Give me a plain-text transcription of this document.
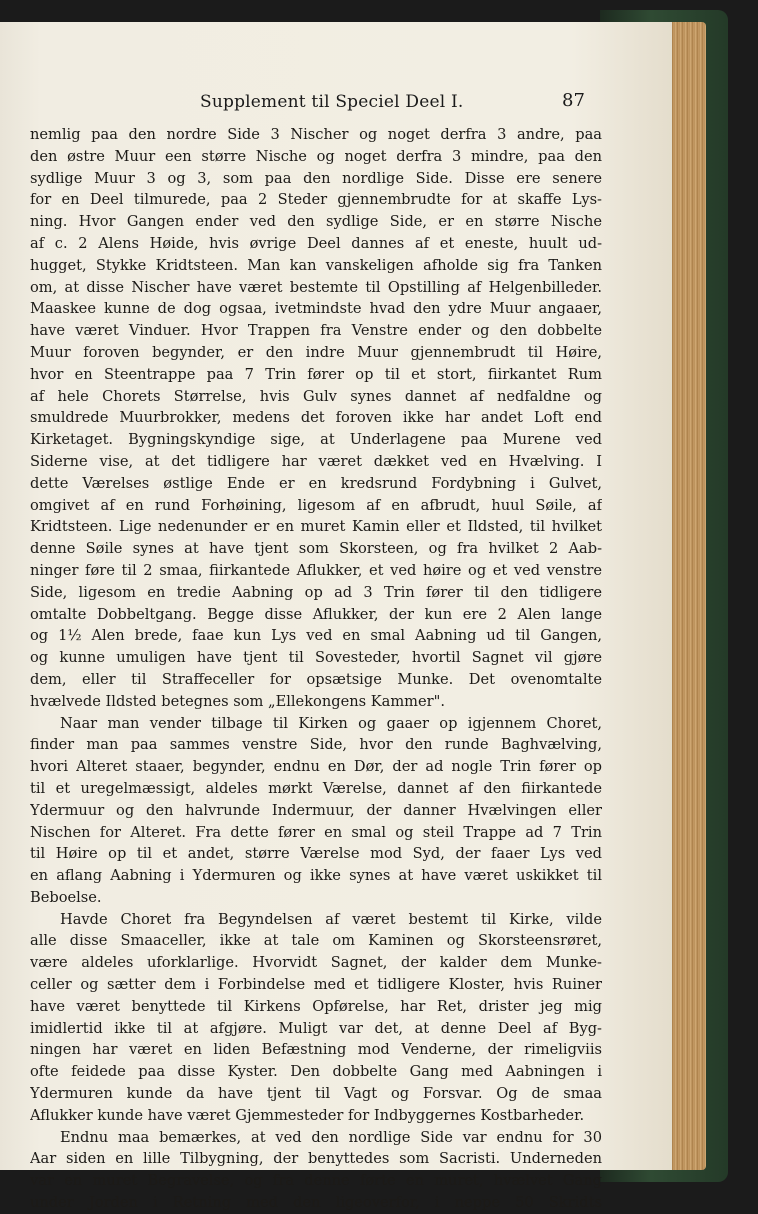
Supplement til Speciel Deel I.	87
nemlig paa den nordre Side 3 Nischer og noget derfra 3 andre, paa
den østre Muur een større Nische og noget derfra 3 mindre, paa den
sydlige Muur 3 og 3, som paa den nordlige Side. Disse ere senere
for en Deel tilmurede, paa 2 Steder gjennembrudte for at skaffe Lys-
ning. Hvor Gangen ender ved den sydlige Side, er en større Nische
af c. 2 Alens Høide, hvis øvrige Deel dannes af et eneste, huult ud-
hugget, Stykke Kridtsteen. Man kan vanskeligen afholde sig fra Tanken
om, at disse Nischer have været bestemte til Opstilling af Helgenbilleder.
Maaskee kunne de dog ogsaa, ivetmindste hvad den ydre Muur angaaer,
have været Vinduer. Hvor Trappen fra Venstre ender og den dobbelte
Muur foroven begynder, er den indre Muur gjennembrudt til Høire,
hvor en Steentrappe paa 7 Trin fører op til et stort, fiirkantet Rum
af hele Chorets Størrelse, hvis Gulv synes dannet af nedfaldne og
smuldrede Muurbrokker, medens det foroven ikke har andet Loft end
Kirketaget. Bygningskyndige sige, at Underlagene paa Murene ved
Siderne vise, at det tidligere har været dækket ved en Hvælving. I
dette Værelses østlige Ende er en kredsrund Fordybning i Gulvet,
omgivet af en rund Forhøining, ligesom af en afbrudt, huul Søile, af
Kridtsteen. Lige nedenunder er en muret Kamin eller et Ildsted, til hvilket
denne Søile synes at have tjent som Skorsteen, og fra hvilket 2 Aab-
ninger føre til 2 smaa, fiirkantede Aflukker, et ved høire og et ved venstre
Side, ligesom en tredie Aabning op ad 3 Trin fører til den tidligere
omtalte Dobbeltgang. Begge disse Aflukker, der kun ere 2 Alen lange
og 1½ Alen brede, faae kun Lys ved en smal Aabning ud til Gangen,
og kunne umuligen have tjent til Sovesteder, hvortil Sagnet vil gjøre
dem, eller til Straffeceller for opsætsige Munke. Det ovenomtalte
hvælvede Ildsted betegnes som „Ellekongens Kammer".
Naar man vender tilbage til Kirken og gaaer op igjennem Choret,
finder man paa sammes venstre Side, hvor den runde Baghvælving,
hvori Alteret staaer, begynder, endnu en Dør, der ad nogle Trin fører op
til et uregelmæssigt, aldeles mørkt Værelse, dannet af den fiirkantede
Ydermuur og den halvrunde Indermuur, der danner Hvælvingen eller
Nischen for Alteret. Fra dette fører en smal og steil Trappe ad 7 Trin
til Høire op til et andet, større Værelse mod Syd, der faaer Lys ved
en aflang Aabning i Ydermuren og ikke synes at have været uskikket til
Beboelse.
Havde Choret fra Begyndelsen af været bestemt til Kirke, vilde
alle disse Smaaceller, ikke at tale om Kaminen og Skorsteensrøret,
være aldeles uforklarlige. Hvorvidt Sagnet, der kalder dem Munke-
celler og sætter dem i Forbindelse med et tidligere Kloster, hvis Ruiner
have været benyttede til Kirkens Opførelse, har Ret, drister jeg mig
imidlertid ikke til at afgjøre. Muligt var det, at denne Deel af Byg-
ningen har været en liden Befæstning mod Venderne, der rimeligviis
ofte feidede paa disse Kyster. Den dobbelte Gang med Aabningen i
Ydermuren kunde da have tjent til Vagt og Forsvar. Og de smaa
Aflukker kunde have været Gjemmesteder for Indbyggernes Kostbarheder.
Endnu maa bemærkes, at ved den nordlige Side var endnu for 30
Aar siden en lille Tilbygning, der benyttedes som Sacristi. Underneden
var en muret Begravelse, og fra denne førte en muret, hvælvet Gang
under Jorden i Retning med den ligeoverfor, i neppe 50 Skridts
